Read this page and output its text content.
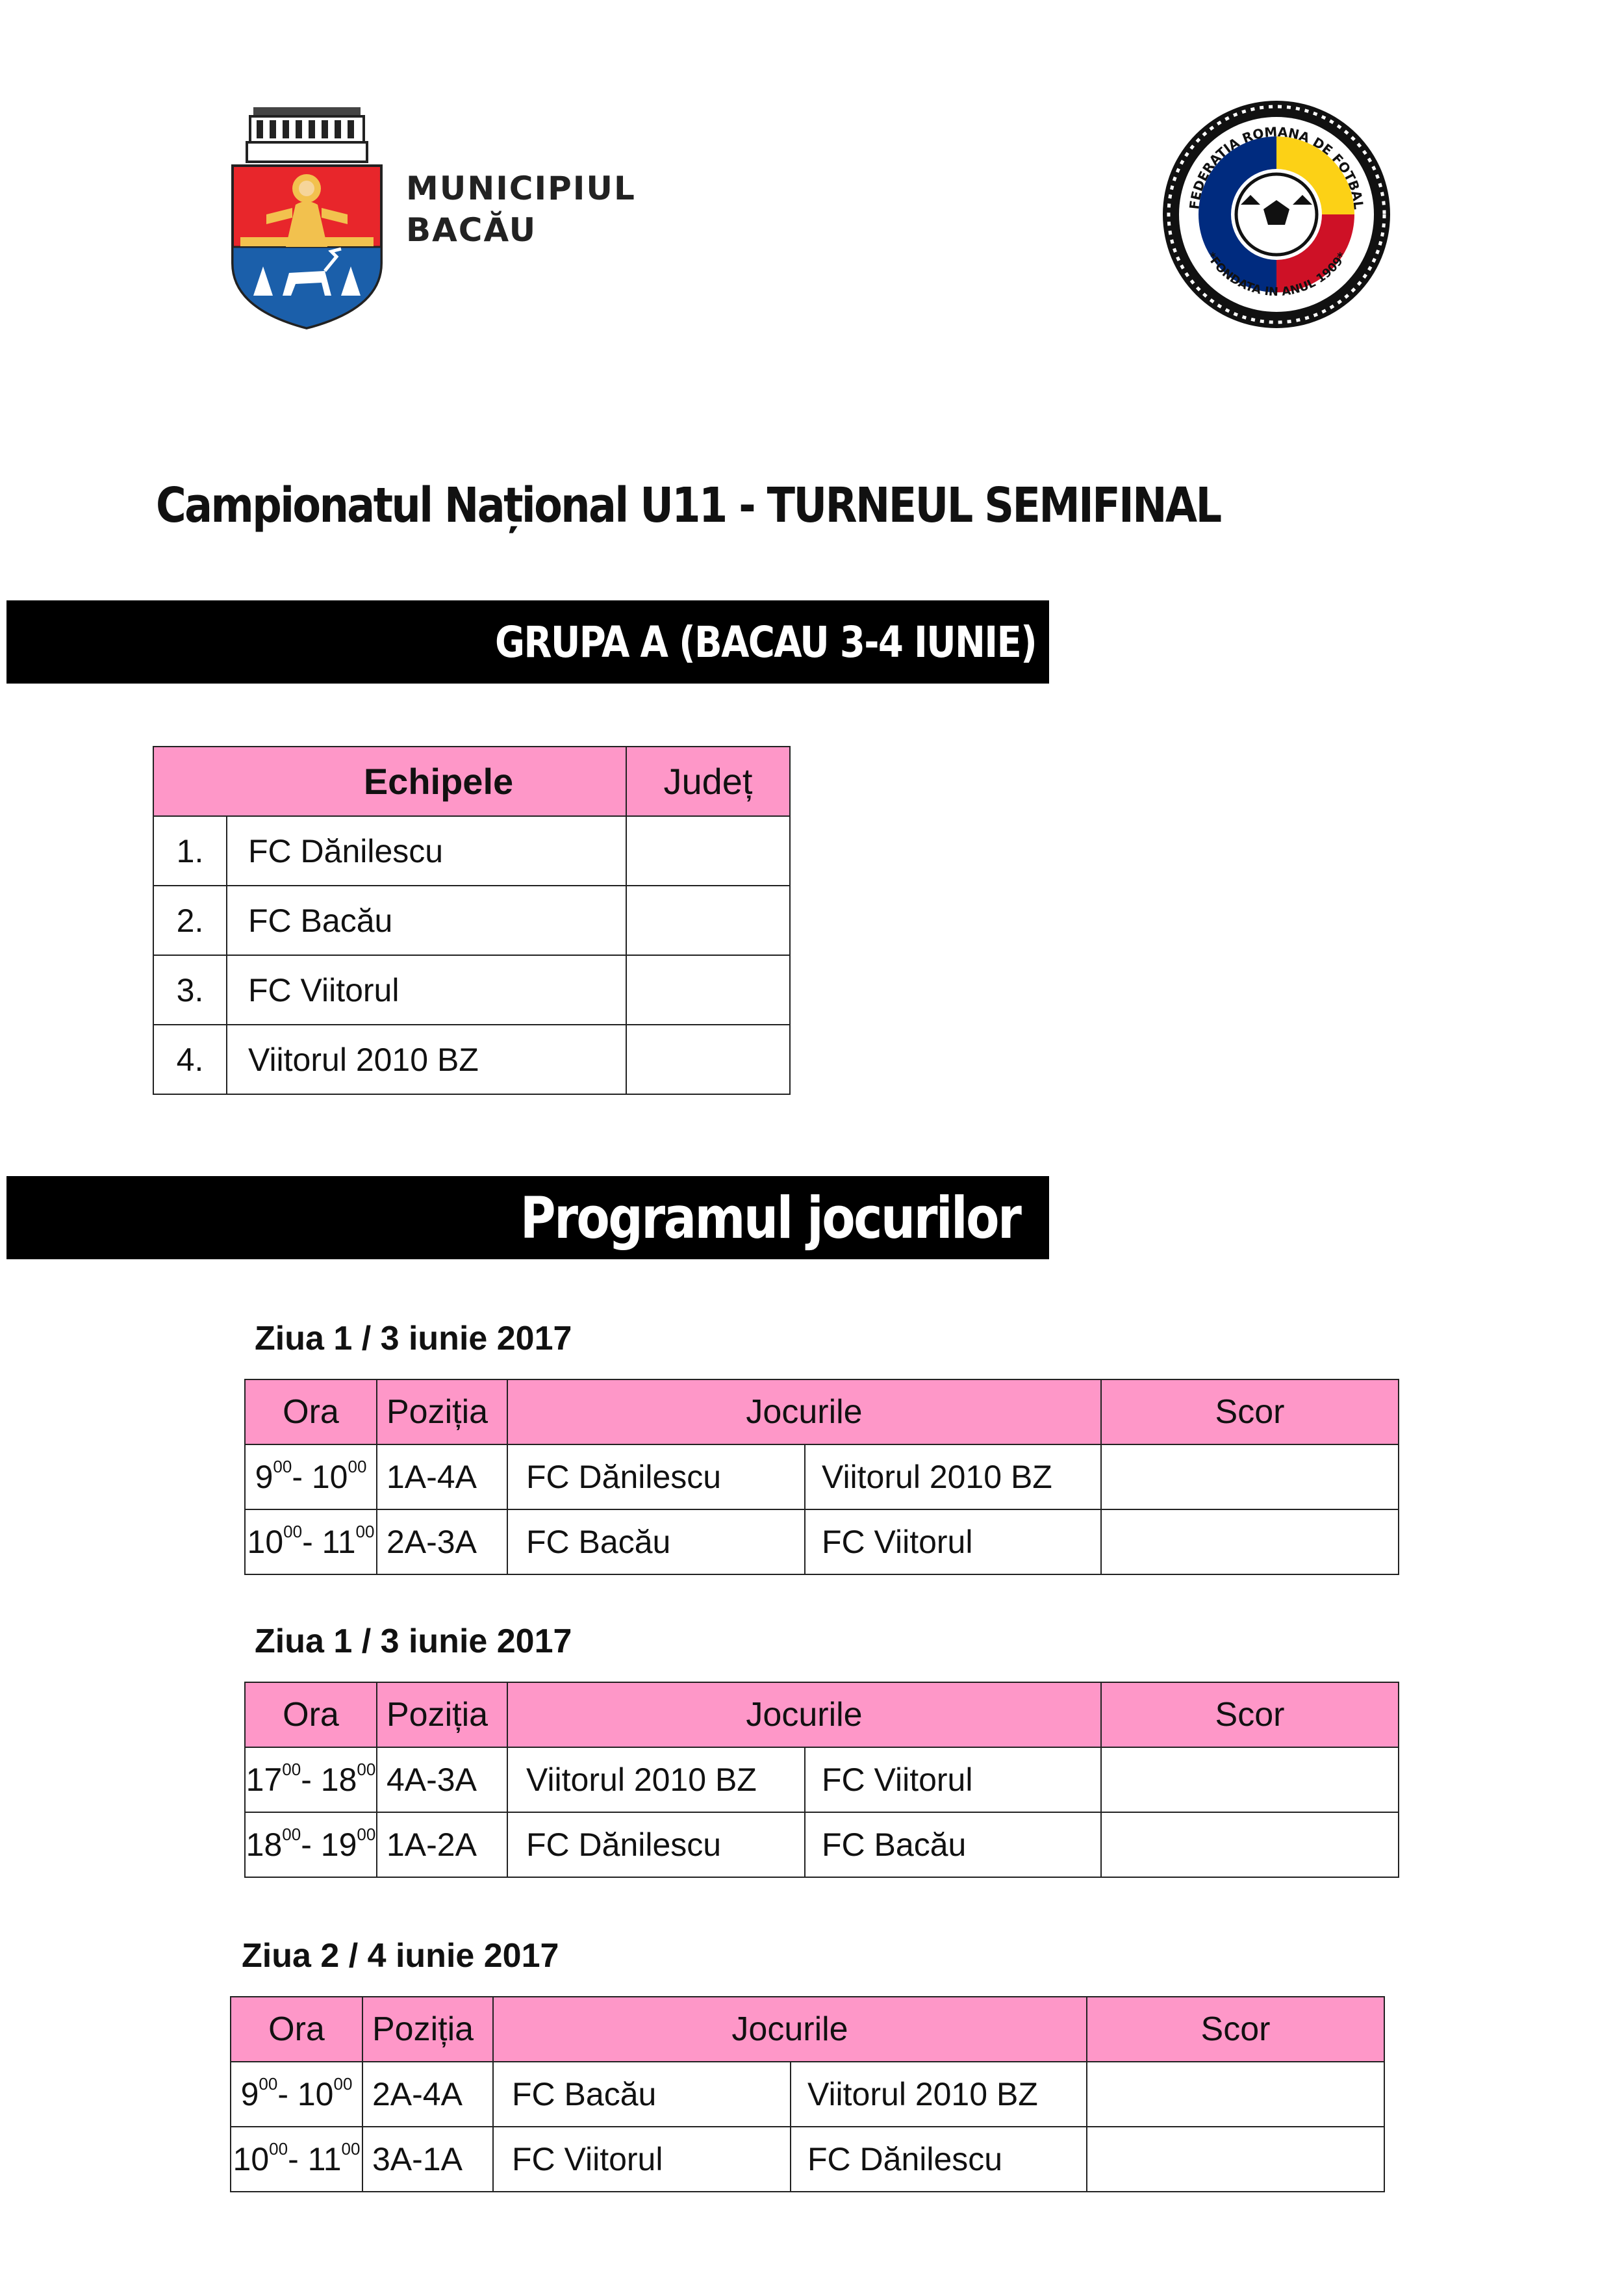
MUNICIPIUL
BACĂU
FEDERATIA ROMANA DE FOTBAL
*FONDATA IN ANUL 1909*
Campionatul Național U11 - TURNEUL SEMIFINAL
GRUPA A (BACAU 3-4 IUNIE)
Echipele		Județ
1.	FC Dănilescu	
2.	FC Bacău	
3.	FC Viitorul	
4.	Viitorul 2010 BZ	
Programul jocurilor
Ziua 1 / 3 iunie 2017
Ora	Poziția	Jocurile		Scor
$9^{00}-$ $10^{00}$	1A-4A	FC Dănilescu	Viitorul 2010 BZ	
$10^{00}-$ $11^{00}$	2A-3A	FC Bacău	FC Viitorul	
Ziua 1 / 3 iunie 2017
Ora	Poziția	Jocurile		Scor
$17^{00}-$ $18^{00}$	4A-3A	Viitorul 2010 BZ	FC Viitorul	
$18^{00}-$ $19^{00}$	1A-2A	FC Dănilescu	FC Bacău	
Ziua 2 / 4 iunie 2017
Ora	Poziția	Jocurile		Scor
$9^{00}-$ $10^{00}$	2A-4A	FC Bacău	Viitorul 2010 BZ	
$10^{00}-$ $11^{00}$	3A-1A	FC Viitorul	FC Dănilescu	
